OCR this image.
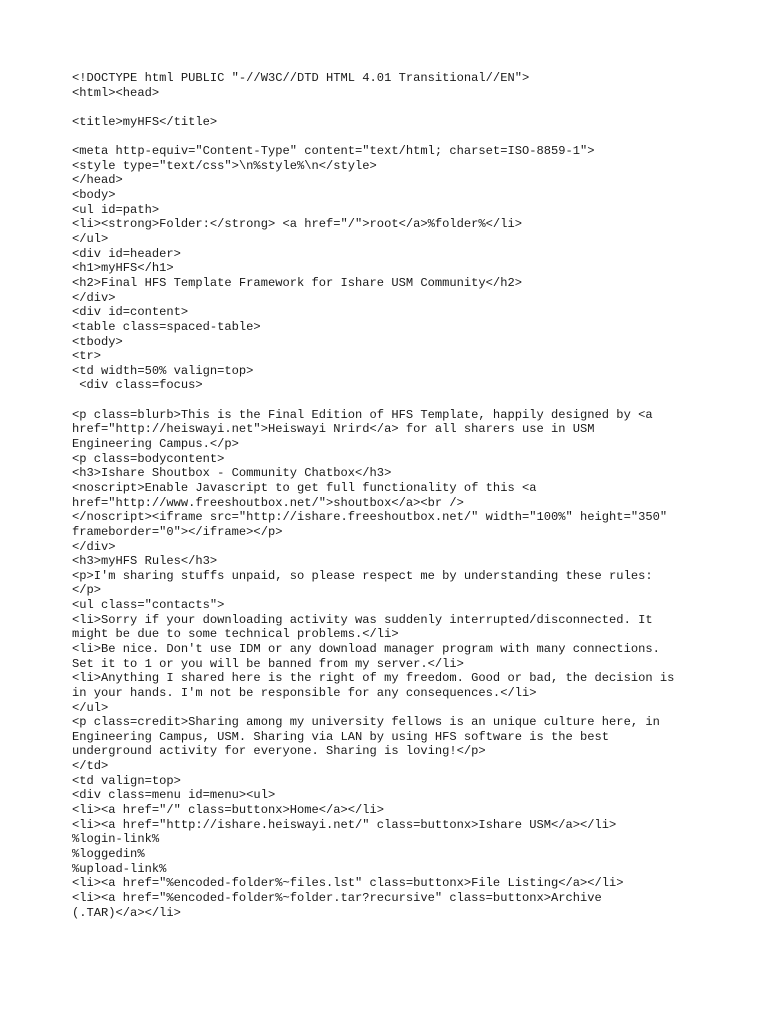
<!DOCTYPE html PUBLIC "-//W3C//DTD HTML 4.01 Transitional//EN">
<html><head>
<title>myHFS</title>
<meta http-equiv="Content-Type" content="text/html; charset=ISO-8859-1">
<style type="text/css">\n%style%\n</style>
</head>
<body>
<ul id=path>
<li><strong>Folder:</strong> <a href="/">root</a>%folder%</li>
</ul>
<div id=header>
<h1>myHFS</h1>
<h2>Final HFS Template Framework for Ishare USM Community</h2>
</div>
<div id=content>
<table class=spaced-table>
<tbody>
<tr>
<td width=50% valign=top>
<div class=focus>
<p class=blurb>This is the Final Edition of HFS Template, happily designed by <a
href="http://heiswayi.net">Heiswayi Nrird</a> for all sharers use in USM
Engineering Campus.</p>
<p class=bodycontent>
<h3>Ishare Shoutbox - Community Chatbox</h3>
<noscript>Enable Javascript to get full functionality of this <a
href="http://www.freeshoutbox.net/">shoutbox</a><br />
</noscript><iframe src="http://ishare.freeshoutbox.net/" width="100%" height="350"
frameborder="0"></iframe></p>
</div>
<h3>myHFS Rules</h3>
<p>I'm sharing stuffs unpaid, so please respect me by understanding these rules:
</p>
<ul class="contacts">
<li>Sorry if your downloading activity was suddenly interrupted/disconnected. It
might be due to some technical problems.</li>
<li>Be nice. Don't use IDM or any download manager program with many connections.
Set it to 1 or you will be banned from my server.</li>
<li>Anything I shared here is the right of my freedom. Good or bad, the decision is
in your hands. I'm not be responsible for any consequences.</li>
</ul>
<p class=credit>Sharing among my university fellows is an unique culture here, in
Engineering Campus, USM. Sharing via LAN by using HFS software is the best
underground activity for everyone. Sharing is loving!</p>
</td>
<td valign=top>
<div class=menu id=menu><ul>
<li><a href="/" class=buttonx>Home</a></li>
<li><a href="http://ishare.heiswayi.net/" class=buttonx>Ishare USM</a></li>
%login-link%
%loggedin%
%upload-link%
<li><a href="%encoded-folder%~files.lst" class=buttonx>File Listing</a></li>
<li><a href="%encoded-folder%~folder.tar?recursive" class=buttonx>Archive
(.TAR)</a></li>
